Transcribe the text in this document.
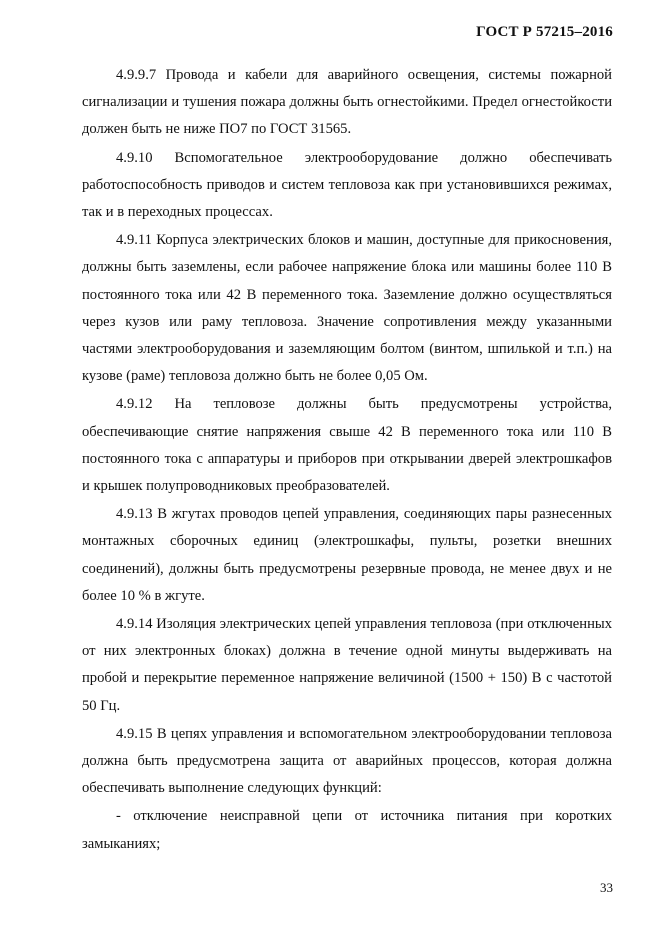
ГОСТ Р 57215–2016

4.9.9.7 Провода и кабели для аварийного освещения, системы пожарной сигнализации и тушения пожара должны быть огнестойкими. Предел огнестойкости должен быть не ниже ПО7 по ГОСТ 31565.

4.9.10 Вспомогательное электрооборудование должно обеспечивать работоспособность приводов и систем тепловоза как при установившихся режимах, так и в переходных процессах.

4.9.11 Корпуса электрических блоков и машин, доступные для прикосновения, должны быть заземлены, если рабочее напряжение блока или машины более 110 В постоянного тока или 42 В переменного тока. Заземление должно осуществляться через кузов или раму тепловоза. Значение сопротивления между указанными частями электрооборудования и заземляющим болтом (винтом, шпилькой и т.п.) на кузове (раме) тепловоза должно быть не более 0,05 Ом.

4.9.12 На тепловозе должны быть предусмотрены устройства, обеспечивающие снятие напряжения свыше 42 В переменного тока или 110 В постоянного тока с аппаратуры и приборов при открывании дверей электрошкафов и крышек полупроводниковых преобразователей.

4.9.13 В жгутах проводов цепей управления, соединяющих пары разнесенных монтажных сборочных единиц (электрошкафы, пульты, розетки внешних соединений), должны быть предусмотрены резервные провода, не менее двух и не более 10 % в жгуте.

4.9.14 Изоляция электрических цепей управления тепловоза (при отключенных от них электронных блоках) должна в течение одной минуты выдерживать на пробой и перекрытие переменное напряжение величиной (1500 + 150) В с частотой 50 Гц.

4.9.15 В цепях управления и вспомогательном электрооборудовании тепловоза должна быть предусмотрена защита от аварийных процессов, которая должна обеспечивать выполнение следующих функций:

- отключение неисправной цепи от источника питания при коротких замыканиях;

33
